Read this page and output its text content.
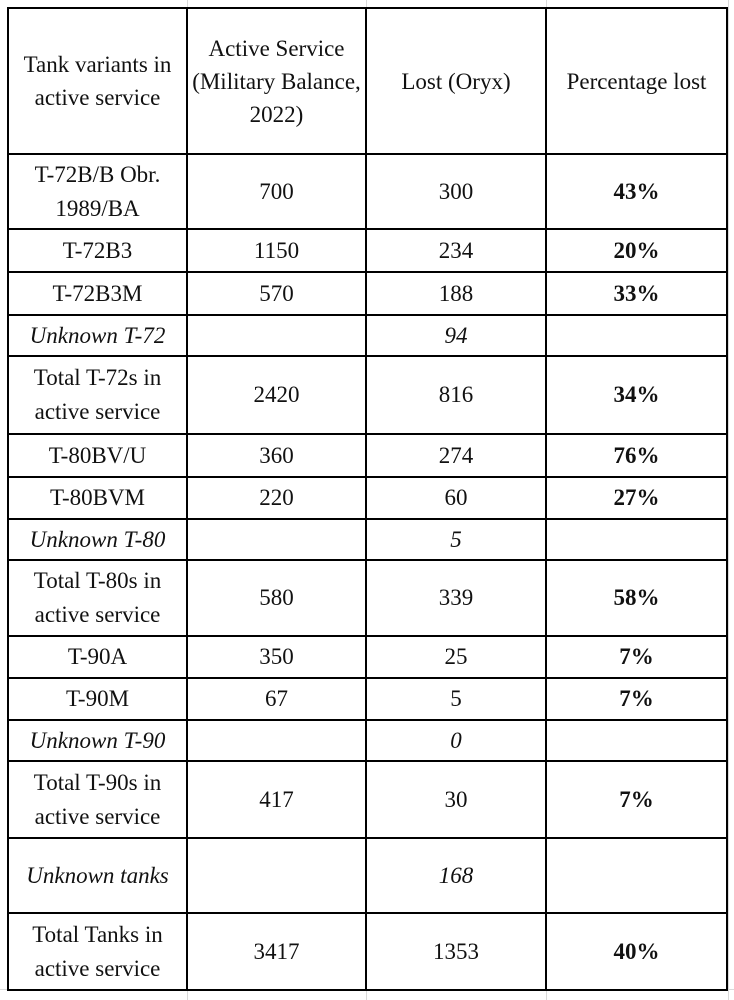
Tank variants in active service	Active Service (Military Balance, 2022)	Lost (Oryx)	Percentage lost
T-72B/B Obr. 1989/BA	700	300	43%
T-72B3	1150	234	20%
T-72B3M	570	188	33%
Unknown T-72		94	
Total T-72s in active service	2420	816	34%
T-80BV/U	360	274	76%
T-80BVM	220	60	27%
Unknown T-80		5	
Total T-80s in active service	580	339	58%
T-90A	350	25	7%
T-90M	67	5	7%
Unknown T-90		0	
Total T-90s in active service	417	30	7%
Unknown tanks		168	
Total Tanks in active service	3417	1353	40%
